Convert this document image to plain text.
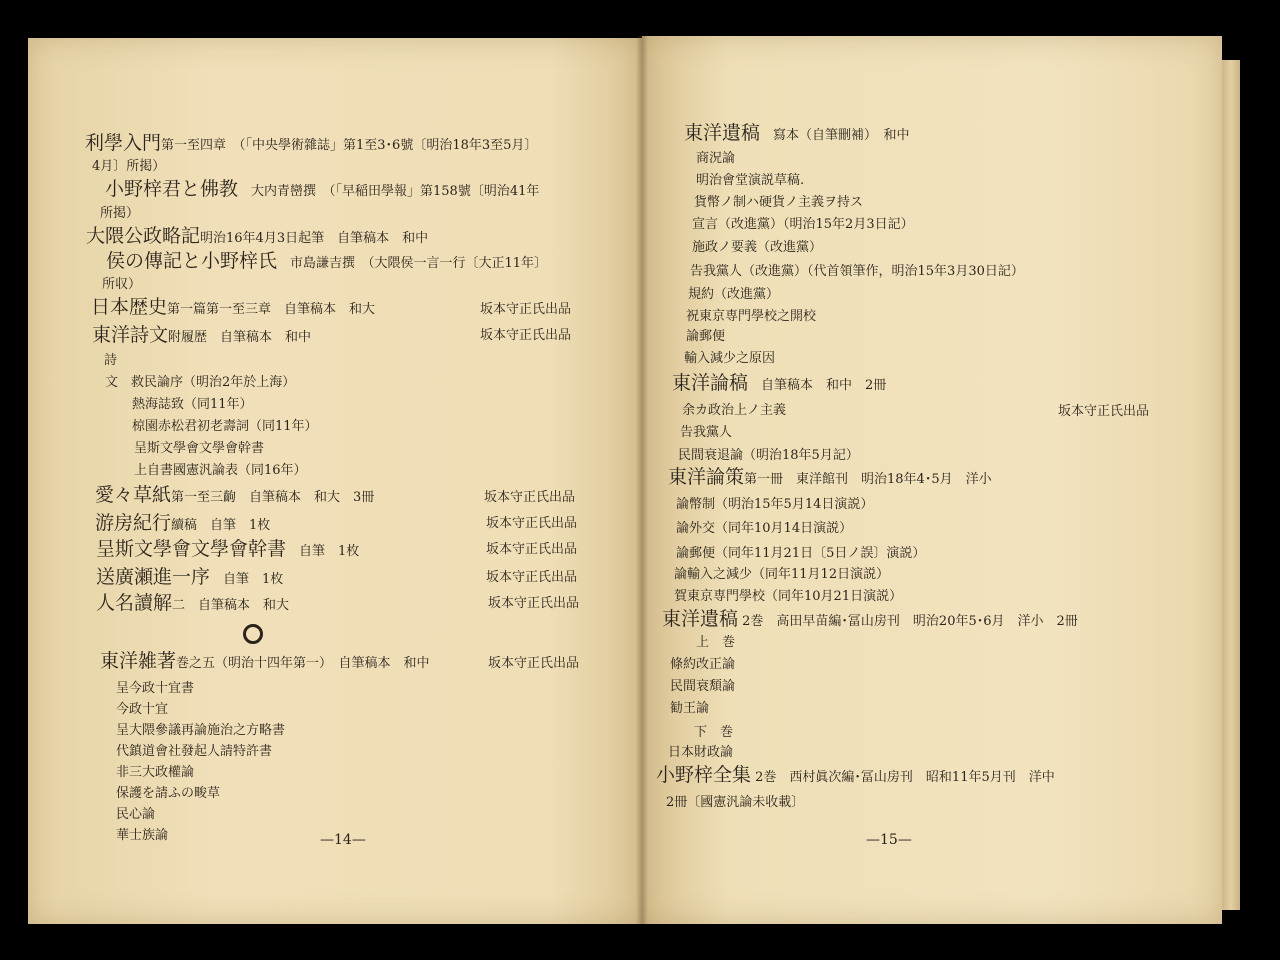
利學入門第一至四章　（「中央學術雜誌」第1至3･6號〔明治18年3至5月〕
4月〕所掲）
小野梓君と佛教　大内青巒撰　（「早稲田學報」第158號〔明治41年
所掲）
大隈公政略記明治16年4月3日起筆　自筆稿本　和中
侯の傳記と小野梓氏　市島謙吉撰　（大隈侯一言一行〔大正11年〕
所収）
日本歴史第一篇第一至三章　自筆稿本　和大
東洋詩文附履歴　自筆稿本　和中
詩
文　救民論序（明治2年於上海）
熱海誌致（同11年）
椋園赤松君初老壽詞（同11年）
呈斯文學會文學會幹書
上自書國憲汎論表（同16年）
愛々草紙第一至三齣　自筆稿本　和大　3冊
游房紀行續稿　自筆　1枚
呈斯文學會文學會幹書　自筆　1枚
送廣瀬進一序　自筆　1枚
人名讀解二　自筆稿本　和大
東洋雑著巻之五（明治十四年第一）　自筆稿本　和中
呈今政十宜書
今政十宜
呈大隈參議再論施治之方略書
代鎮道會社發起人請特許書
非三大政權論
保護を請ふの畯草
民心論
華士族論
坂本守正氏出品
坂本守正氏出品
坂本守正氏出品
坂本守正氏出品
坂本守正氏出品
坂本守正氏出品
坂本守正氏出品
坂本守正氏出品
—14—
東洋遺稿　寫本（自筆刪補）　和中
商況論
明治會堂演説草稿.
貨幣ノ制ハ硬貨ノ主義ヲ持ス
宣言（改進黨）（明治15年2月3日記）
施政ノ要義（改進黨）
告我黨人（改進黨）（代首領筆作，明治15年3月30日記）
規約（改進黨）
祝東京専門學校之開校
論郵便
輸入減少之原因
東洋論稿　自筆稿本　和中　2冊
余カ政治上ノ主義
告我黨人
民間衰退論（明治18年5月記）
東洋論策第一冊　東洋館刊　明治18年4･5月　洋小
論幣制（明治15年5月14日演説）
論外交（同年10月14日演説）
論郵便（同年11月21日〔5日ノ誤〕演説）
論輸入之減少（同年11月12日演説）
賀東京専門學校（同年10月21日演説）
東洋遺稿 2巻　高田早苗編･冨山房刊　明治20年5･6月　洋小　2冊
上　巻
條約改正論
民間衰頽論
勧王論
下　巻
日本財政論
小野梓全集 2巻　西村眞次編･冨山房刊　昭和11年5月刊　洋中
2冊〔國憲汎論未收載〕
坂本守正氏出品
—15—
